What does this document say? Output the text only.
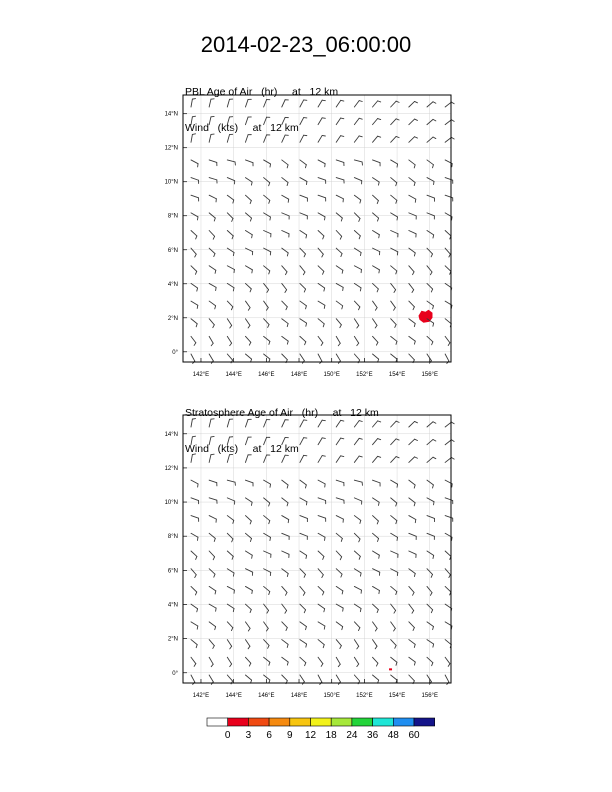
2014-02-23_06:00:00

PBL Age of Air   (hr)     at   12 km

Wind   (kts)     at   12 km

Stratosphere Age of Air   (hr)     at   12 km

Wind   (kts)     at   12 km

142°E	144°E	146°E	148°E	150°E	152°E	154°E	156°E
0°
2°N
4°N
6°N
8°N
10°N
12°N
14°N
142°E	144°E	146°E	148°E	150°E	152°E	154°E	156°E
0°
2°N
4°N
6°N
8°N
10°N
12°N
14°N
0 3 6 9 12 18 24 36 48 60
